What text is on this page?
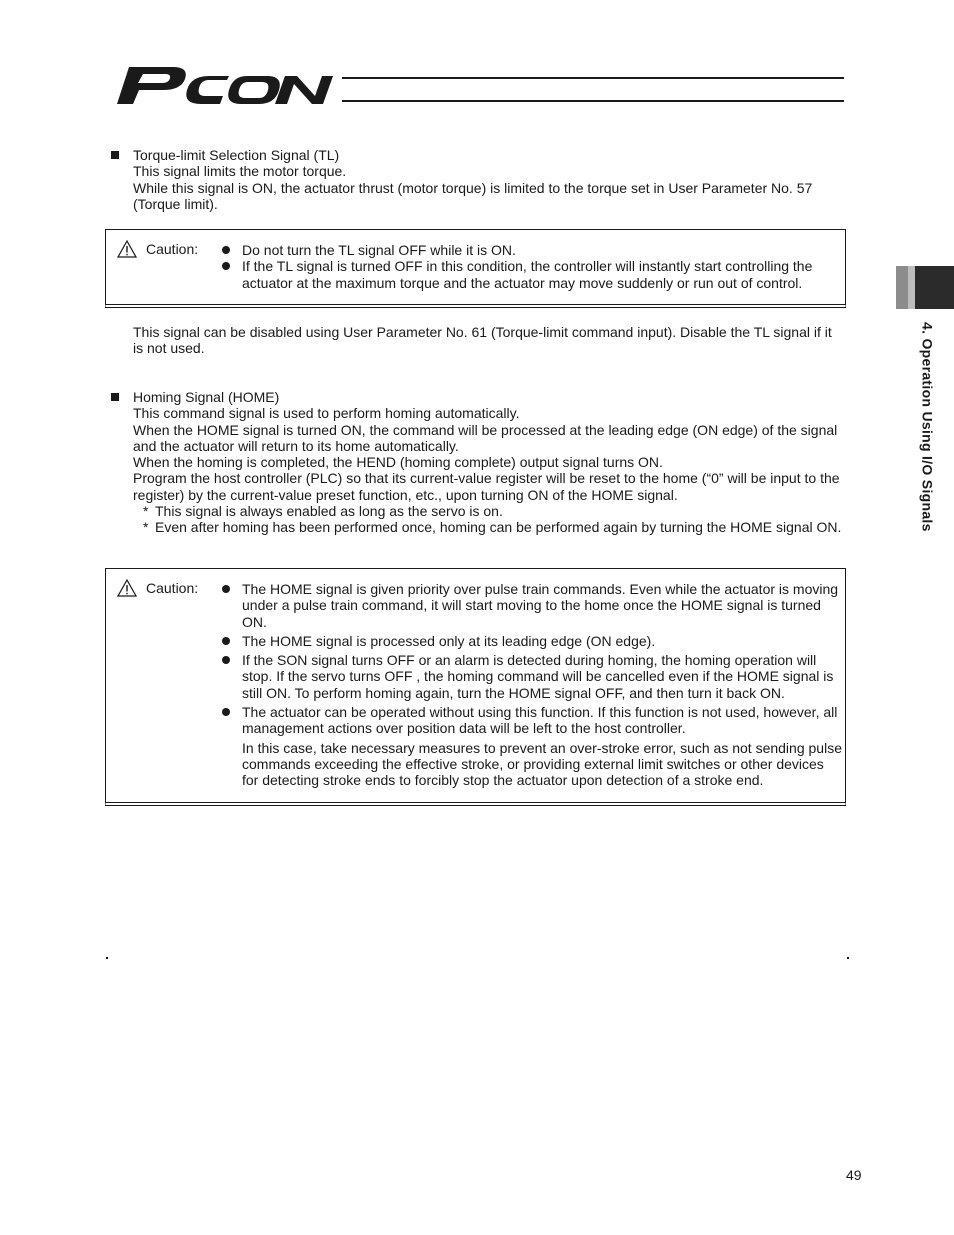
4. Operation Using I/O Signals

Torque-limit Selection Signal (TL)

This signal limits the motor torque.

While this signal is ON, the actuator thrust (motor torque) is limited to the torque set in User Parameter No. 57 (Torque limit).

Caution:	Do not turn the TL signal OFF while it is ON.

If the TL signal is turned OFF in this condition, the controller will instantly start controlling the actuator at the maximum torque and the actuator may move suddenly or run out of control.

This signal can be disabled using User Parameter No. 61 (Torque-limit command input). Disable the TL signal if it is not used.

Homing Signal (HOME)

This command signal is used to perform homing automatically.

When the HOME signal is turned ON, the command will be processed at the leading edge (ON edge) of the signal and the actuator will return to its home automatically.

When the homing is completed, the HEND (homing complete) output signal turns ON.

Program the host controller (PLC) so that its current-value register will be reset to the home (“0” will be input to the register) by the current-value preset function, etc., upon turning ON of the HOME signal.

* This signal is always enabled as long as the servo is on.
* Even after homing has been performed once, homing can be performed again by turning the HOME signal ON.
Caution:	The HOME signal is given priority over pulse train commands. Even while the actuator is moving under a pulse train command, it will start moving to the home once the HOME signal is turned ON.

The HOME signal is processed only at its leading edge (ON edge).

If the SON signal turns OFF or an alarm is detected during homing, the homing operation will stop. If the servo turns OFF , the homing command will be cancelled even if the HOME signal is still ON. To perform homing again, turn the HOME signal OFF, and then turn it back ON.

The actuator can be operated without using this function. If this function is not used, however, all management actions over position data will be left to the host controller.

In this case, take necessary measures to prevent an over-stroke error, such as not sending pulse commands exceeding the effective stroke, or providing external limit switches or other devices for detecting stroke ends to forcibly stop the actuator upon detection of a stroke end.

49
